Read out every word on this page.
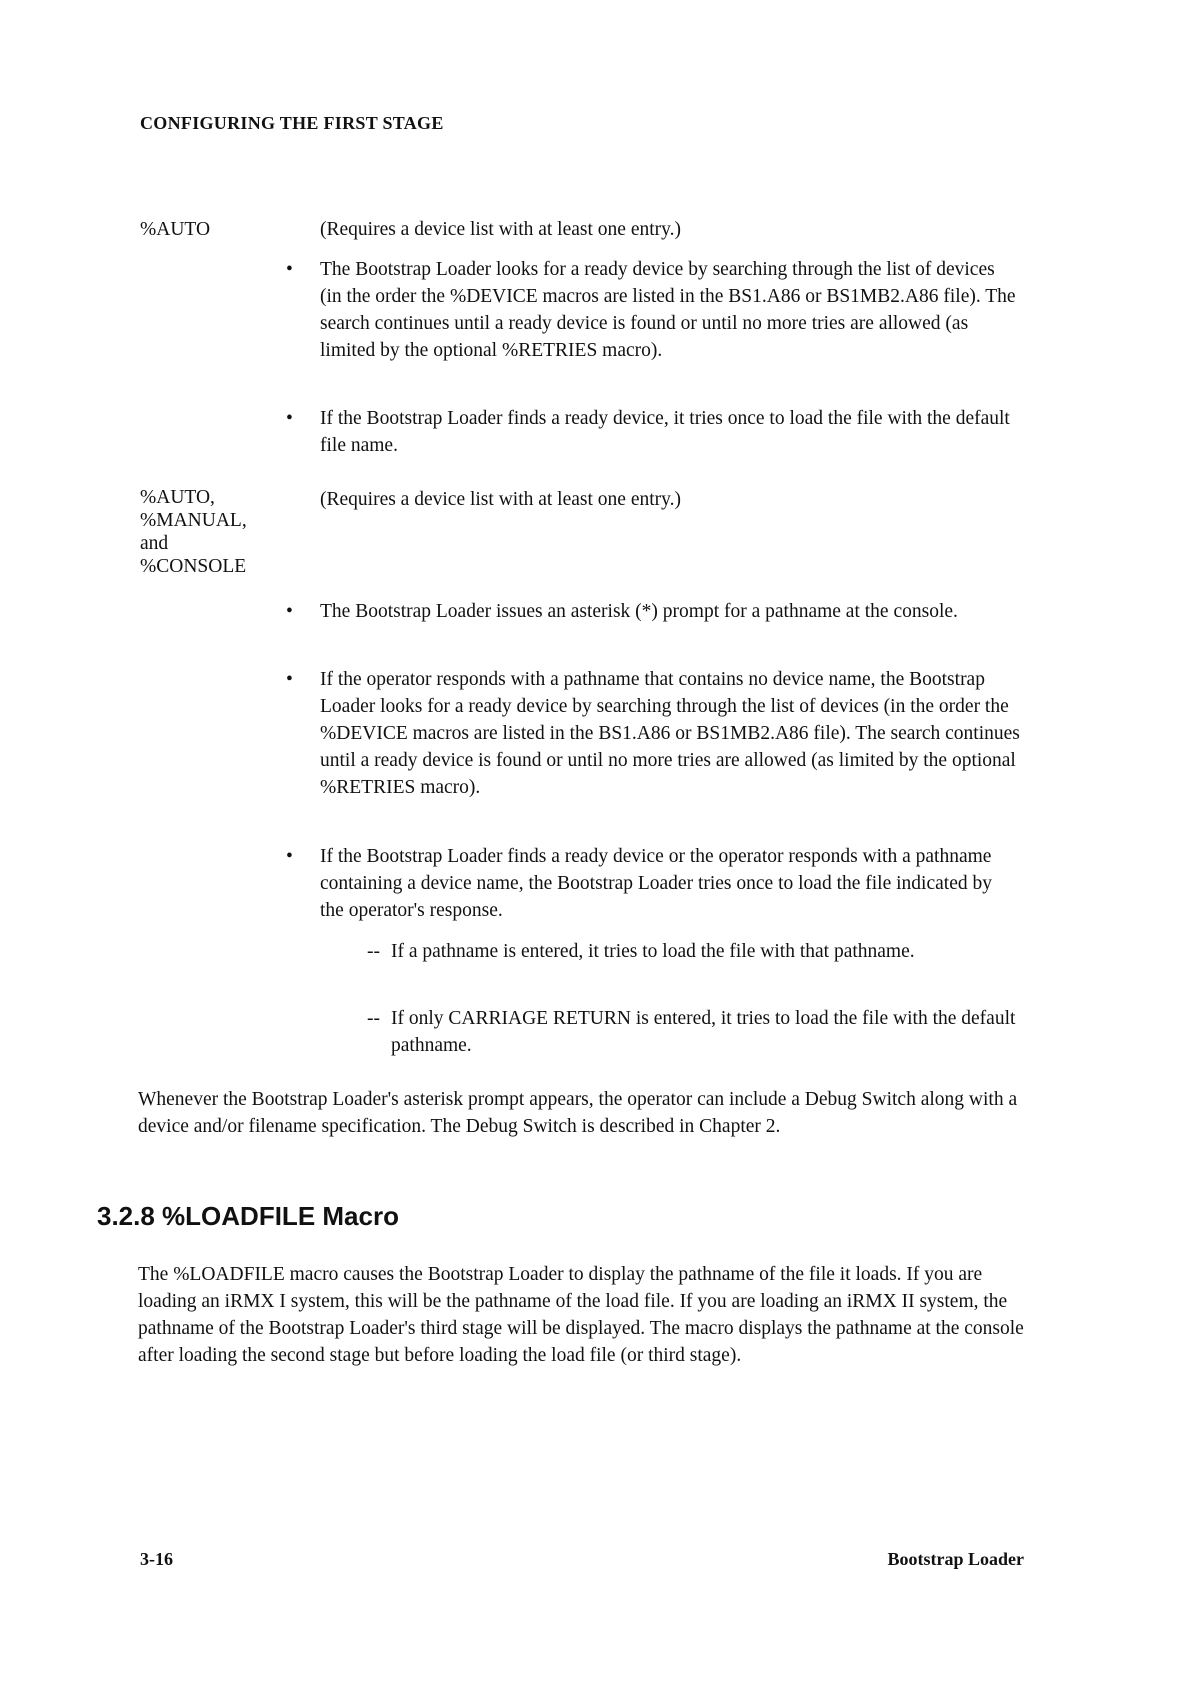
CONFIGURING THE FIRST STAGE
%AUTO	(Requires a device list with at least one entry.)
• The Bootstrap Loader looks for a ready device by searching through the list of devices (in the order the %DEVICE macros are listed in the BS1.A86 or BS1MB2.A86 file). The search continues until a ready device is found or until no more tries are allowed (as limited by the optional %RETRIES macro).
• If the Bootstrap Loader finds a ready device, it tries once to load the file with the default file name.
%AUTO,
%MANUAL,
and
%CONSOLE
(Requires a device list with at least one entry.)
• The Bootstrap Loader issues an asterisk (*) prompt for a pathname at the console.
• If the operator responds with a pathname that contains no device name, the Bootstrap Loader looks for a ready device by searching through the list of devices (in the order the %DEVICE macros are listed in the BS1.A86 or BS1MB2.A86 file). The search continues until a ready device is found or until no more tries are allowed (as limited by the optional %RETRIES macro).
• If the Bootstrap Loader finds a ready device or the operator responds with a pathname containing a device name, the Bootstrap Loader tries once to load the file indicated by the operator's response.
-- If a pathname is entered, it tries to load the file with that pathname.
-- If only CARRIAGE RETURN is entered, it tries to load the file with the default pathname.
Whenever the Bootstrap Loader's asterisk prompt appears, the operator can include a Debug Switch along with a device and/or filename specification. The Debug Switch is described in Chapter 2.
3.2.8 %LOADFILE Macro
The %LOADFILE macro causes the Bootstrap Loader to display the pathname of the file it loads. If you are loading an iRMX I system, this will be the pathname of the load file. If you are loading an iRMX II system, the pathname of the Bootstrap Loader's third stage will be displayed. The macro displays the pathname at the console after loading the second stage but before loading the load file (or third stage).
3-16	Bootstrap Loader
